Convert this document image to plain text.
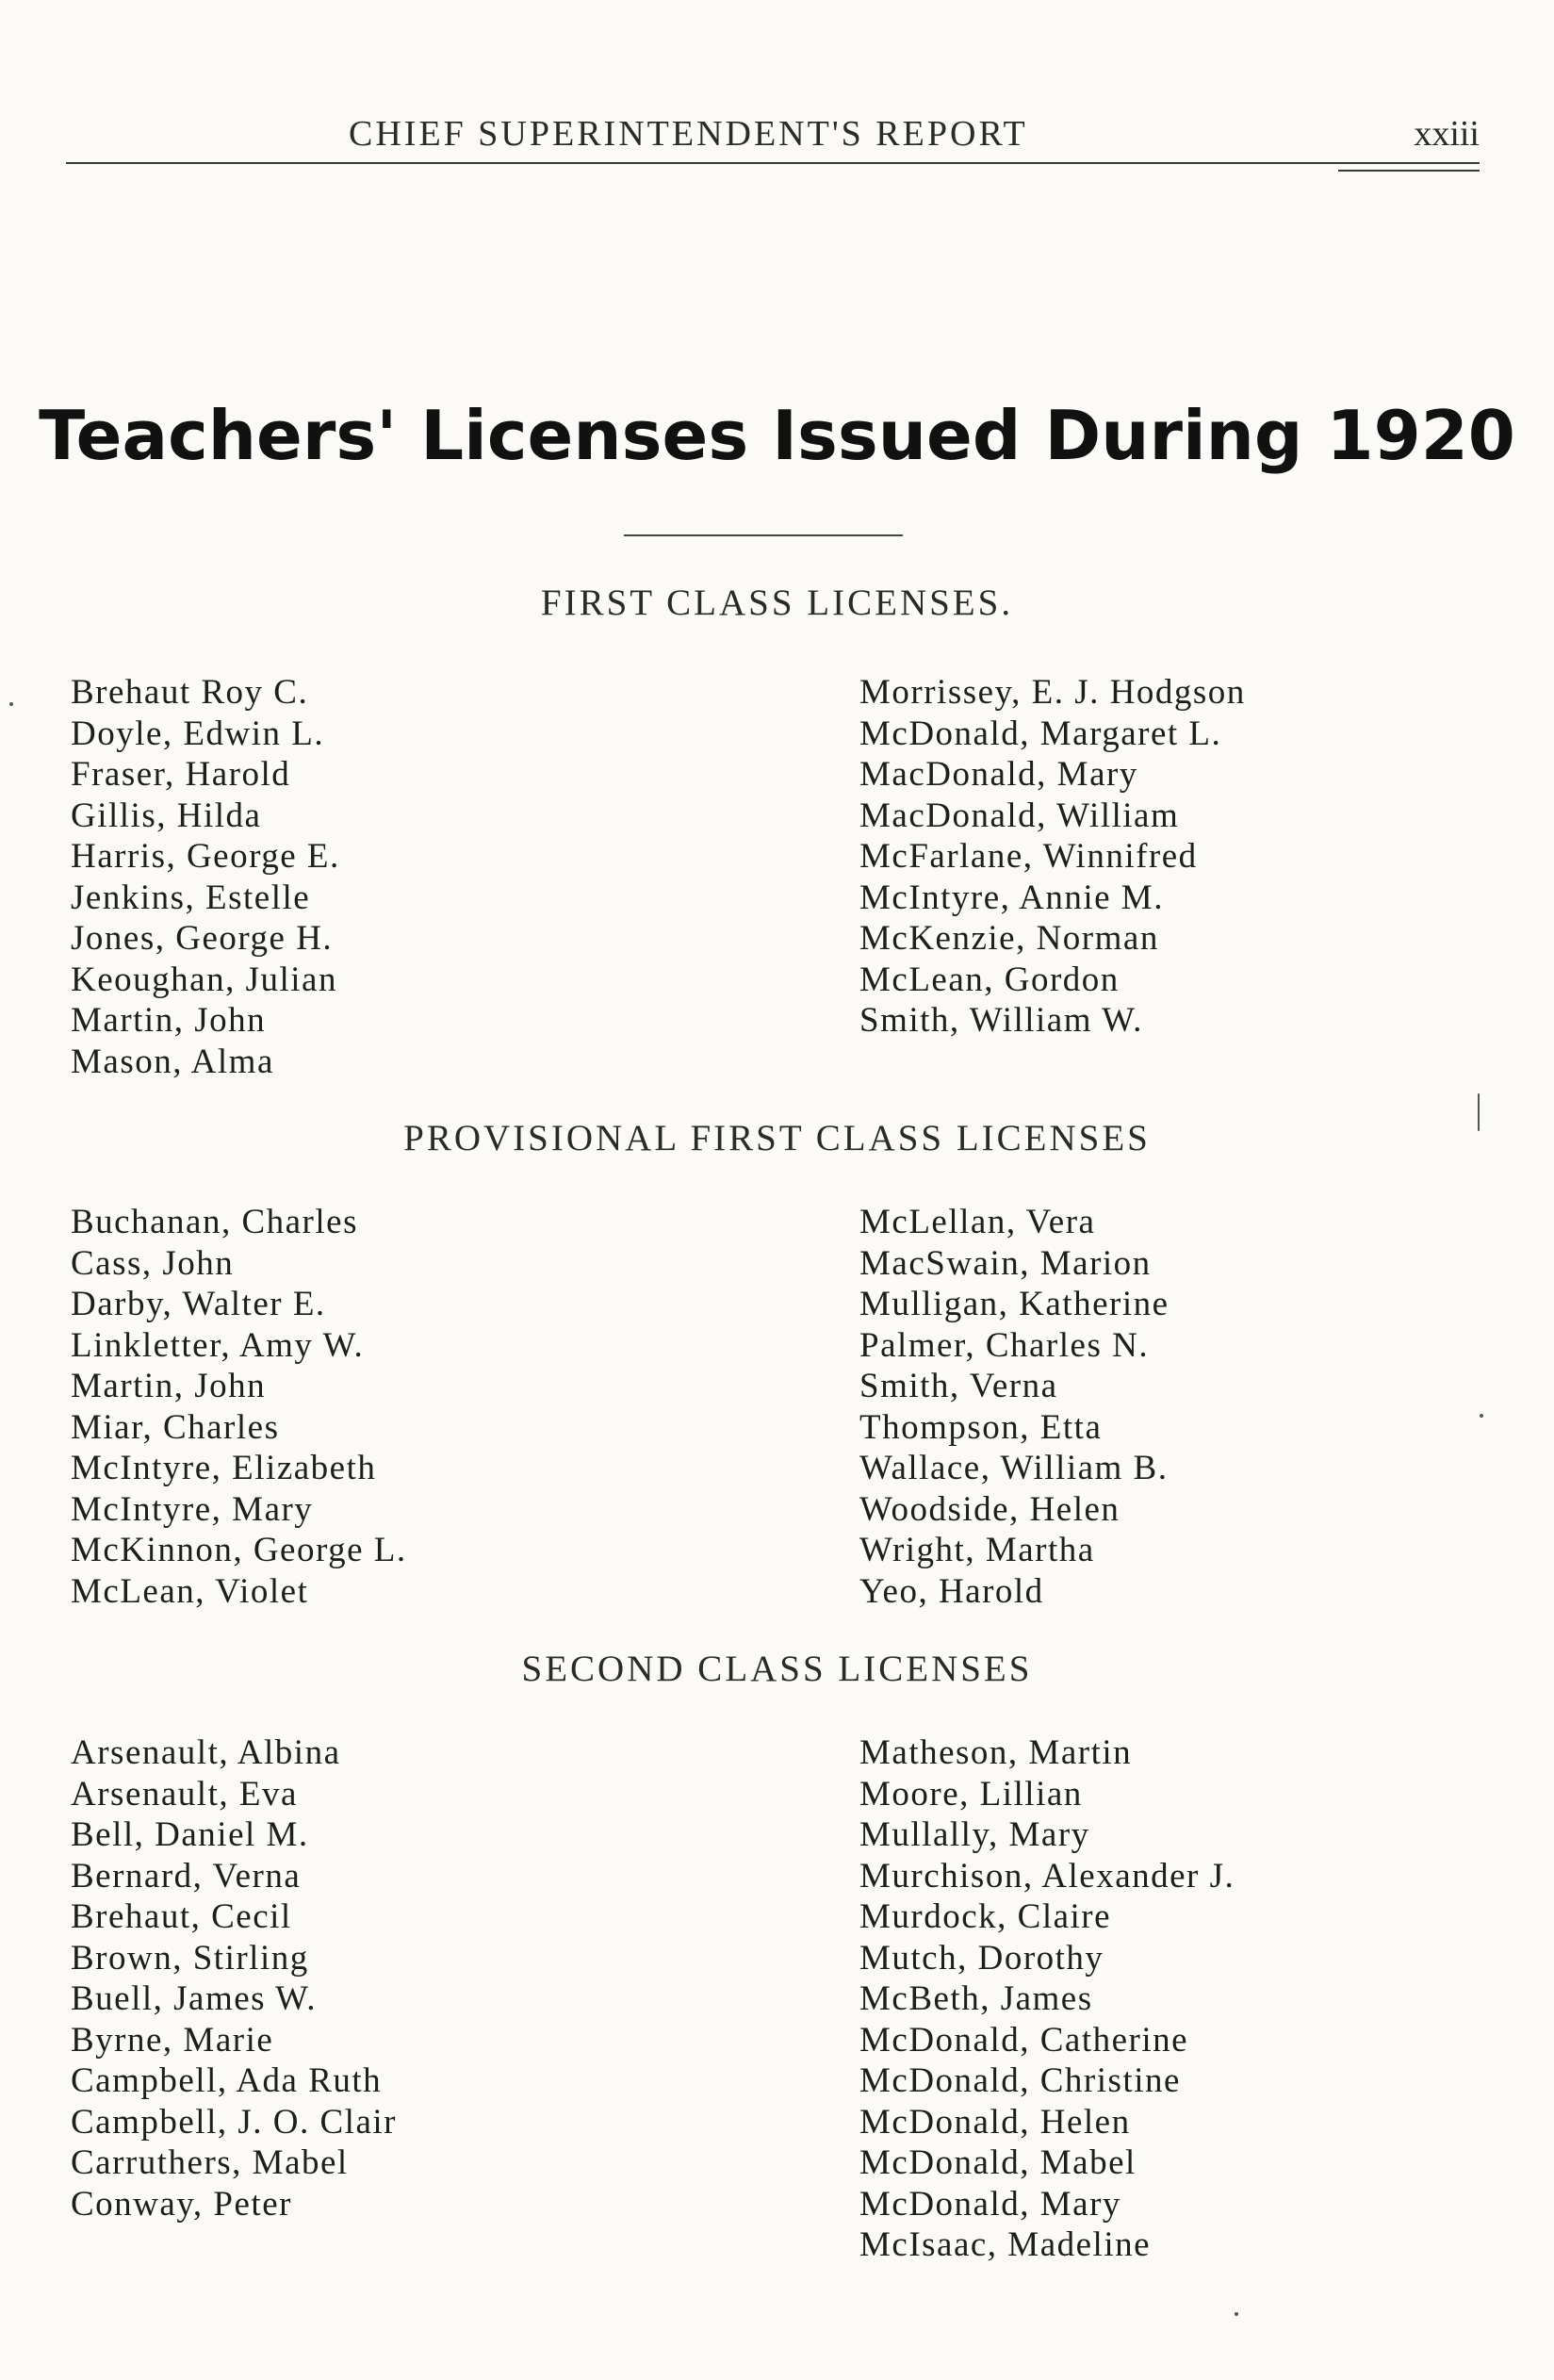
CHIEF SUPERINTENDENT'S REPORT	xxiii
Teachers' Licenses Issued During 1920
FIRST CLASS LICENSES.
Brehaut Roy C.
Doyle, Edwin L.
Fraser, Harold
Gillis, Hilda
Harris, George E.
Jenkins, Estelle
Jones, George H.
Keoughan, Julian
Martin, John
Mason, Alma
Morrissey, E. J. Hodgson
McDonald, Margaret L.
MacDonald, Mary
MacDonald, William
McFarlane, Winnifred
McIntyre, Annie M.
McKenzie, Norman
McLean, Gordon
Smith, William W.
PROVISIONAL FIRST CLASS LICENSES
Buchanan, Charles
Cass, John
Darby, Walter E.
Linkletter, Amy W.
Martin, John
Miar, Charles
McIntyre, Elizabeth
McIntyre, Mary
McKinnon, George L.
McLean, Violet
McLellan, Vera
MacSwain, Marion
Mulligan, Katherine
Palmer, Charles N.
Smith, Verna
Thompson, Etta
Wallace, William B.
Woodside, Helen
Wright, Martha
Yeo, Harold
SECOND CLASS LICENSES
Arsenault, Albina
Arsenault, Eva
Bell, Daniel M.
Bernard, Verna
Brehaut, Cecil
Brown, Stirling
Buell, James W.
Byrne, Marie
Campbell, Ada Ruth
Campbell, J. O. Clair
Carruthers, Mabel
Conway, Peter
Matheson, Martin
Moore, Lillian
Mullally, Mary
Murchison, Alexander J.
Murdock, Claire
Mutch, Dorothy
McBeth, James
McDonald, Catherine
McDonald, Christine
McDonald, Helen
McDonald, Mabel
McDonald, Mary
McIsaac, Madeline
